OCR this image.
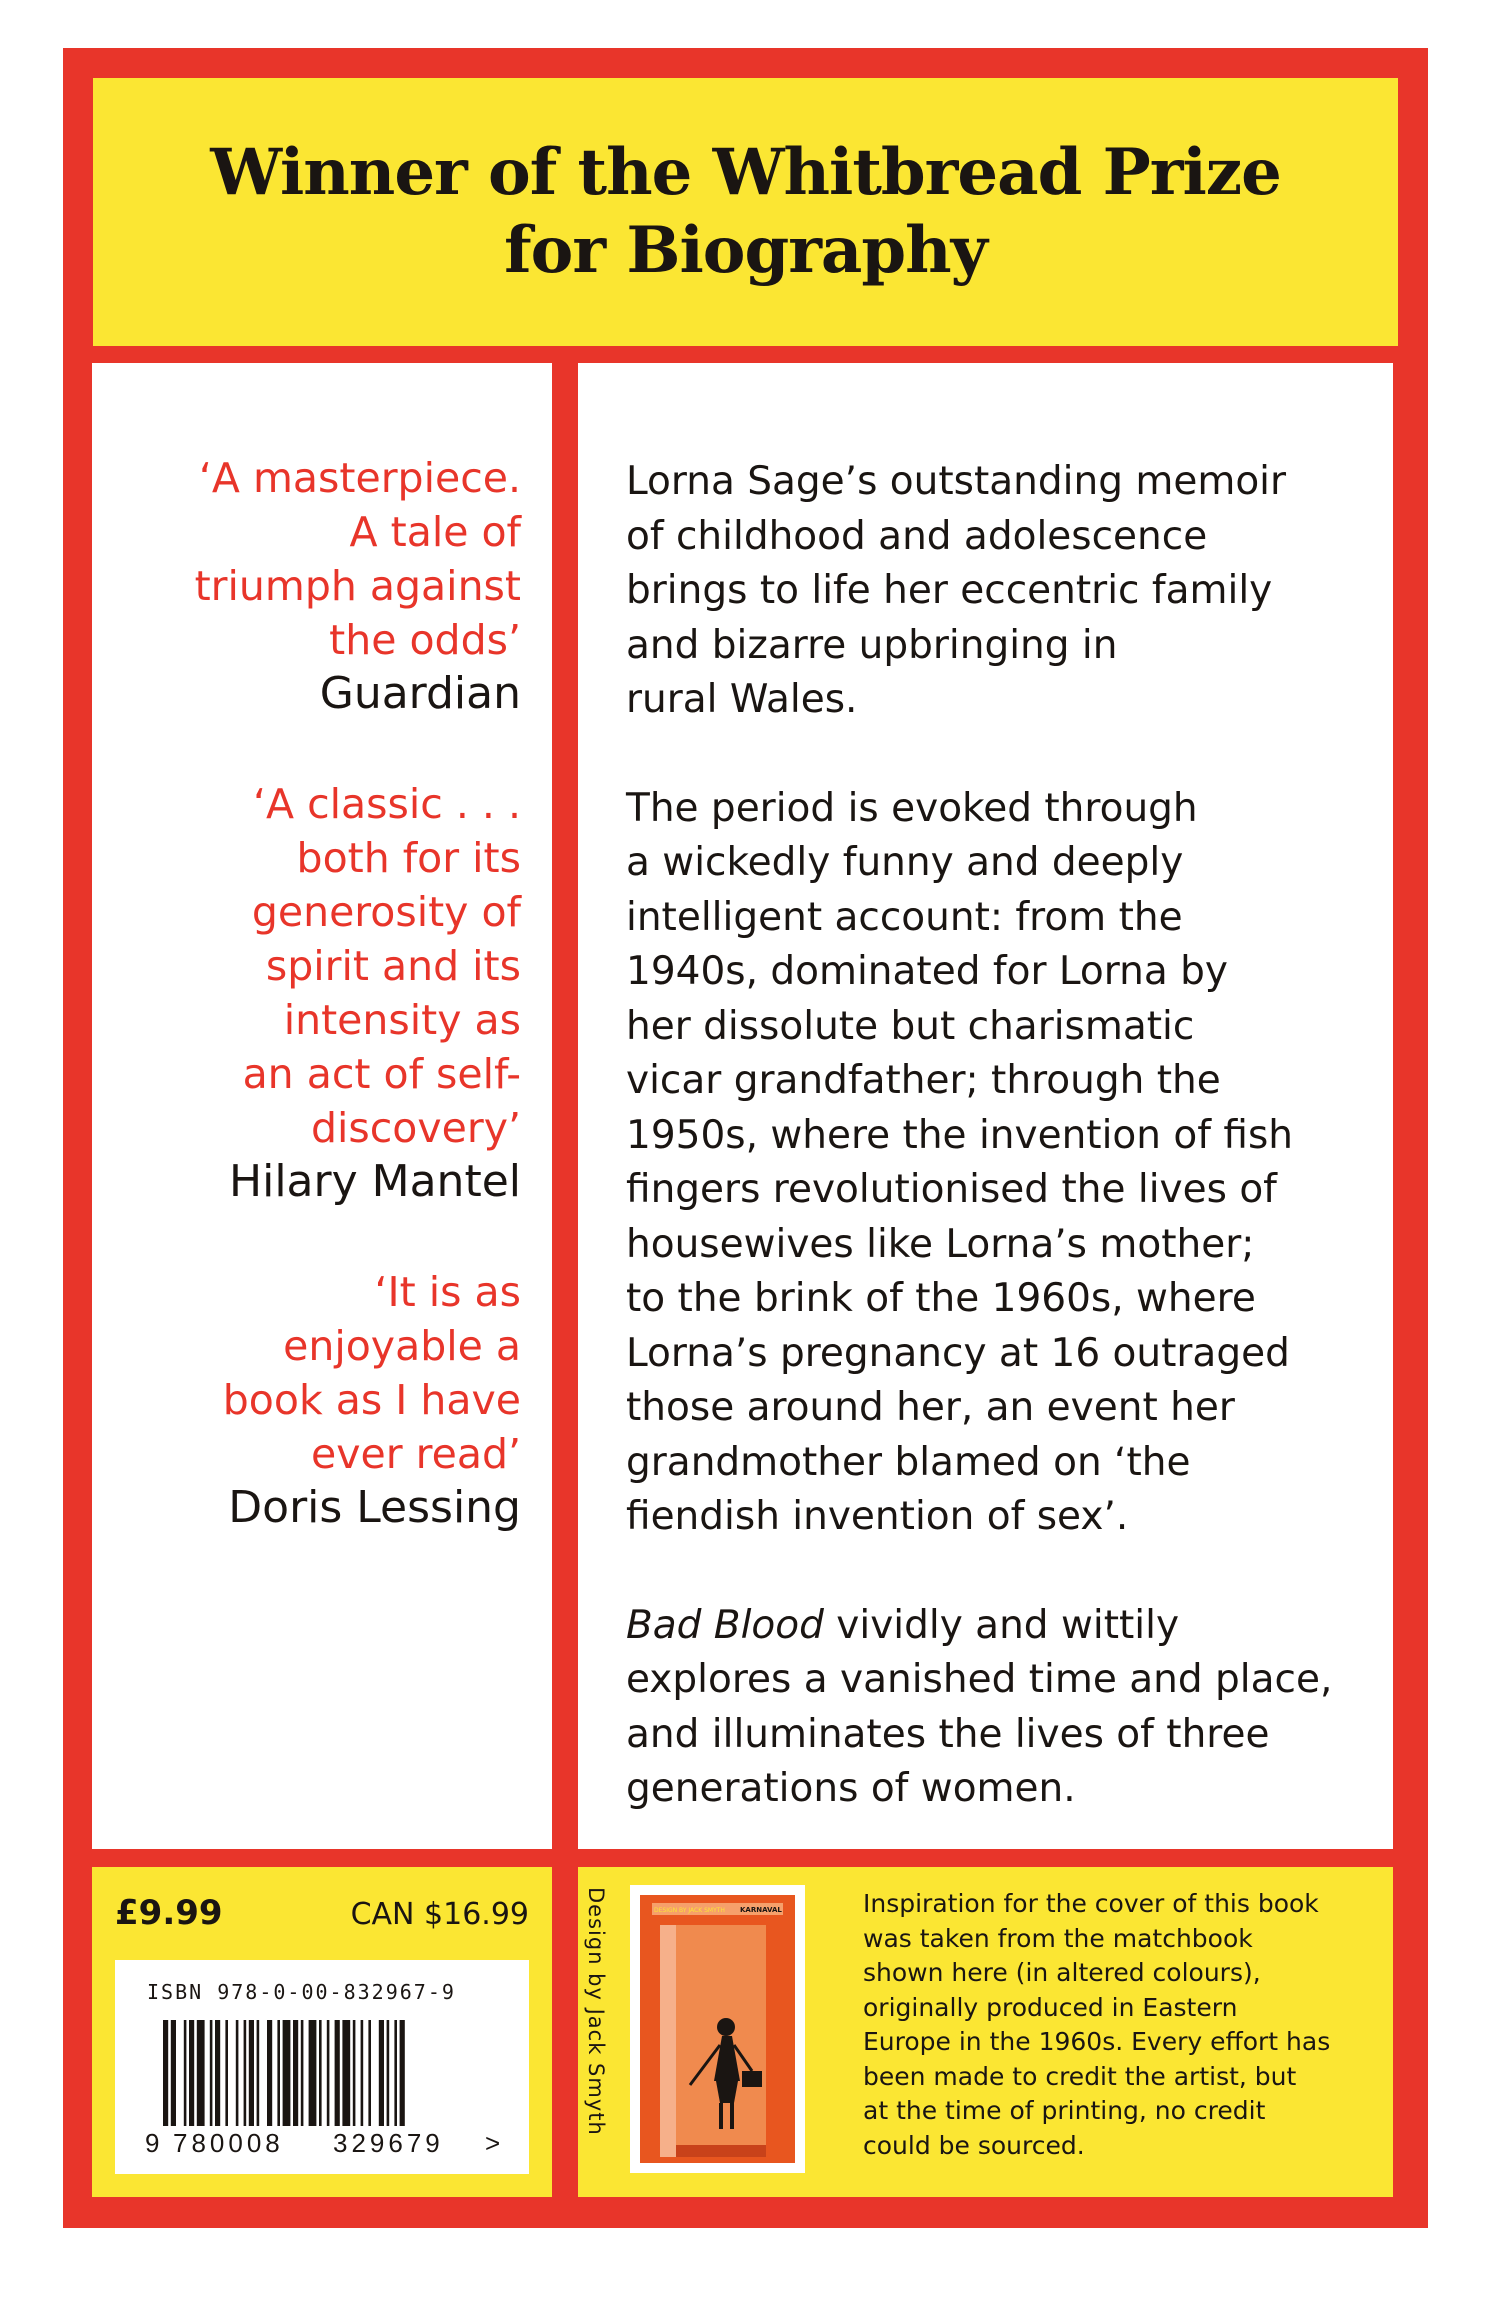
Winner of the Whitbread Prize
for Biography
‘A masterpiece.
A tale of
triumph against
the odds’
Guardian
‘A classic . . .
both for its
generosity of
spirit and its
intensity as
an act of self-
discovery’
Hilary Mantel
‘It is as
enjoyable a
book as I have
ever read’
Doris Lessing
Lorna Sage’s outstanding memoir
of childhood and adolescence
brings to life her eccentric family
and bizarre upbringing in
rural Wales.
The period is evoked through
a wickedly funny and deeply
intelligent account: from the
1940s, dominated for Lorna by
her dissolute but charismatic
vicar grandfather; through the
1950s, where the invention of fish
fingers revolutionised the lives of
housewives like Lorna’s mother;
to the brink of the 1960s, where
Lorna’s pregnancy at 16 outraged
those around her, an event her
grandmother blamed on ‘the
fiendish invention of sex’.
Bad Blood vividly and wittily
explores a vanished time and place,
and illuminates the lives of three
generations of women.
£9.99	CAN $16.99
ISBN 978-0-00-832967-9
9 780008 329679 >
Design by Jack Smyth	DESIGN BY JACK SMYTH KARNAVAL	Inspiration for the cover of this book
was taken from the matchbook
shown here (in altered colours),
originally produced in Eastern
Europe in the 1960s. Every effort has
been made to credit the artist, but
at the time of printing, no credit
could be sourced.
